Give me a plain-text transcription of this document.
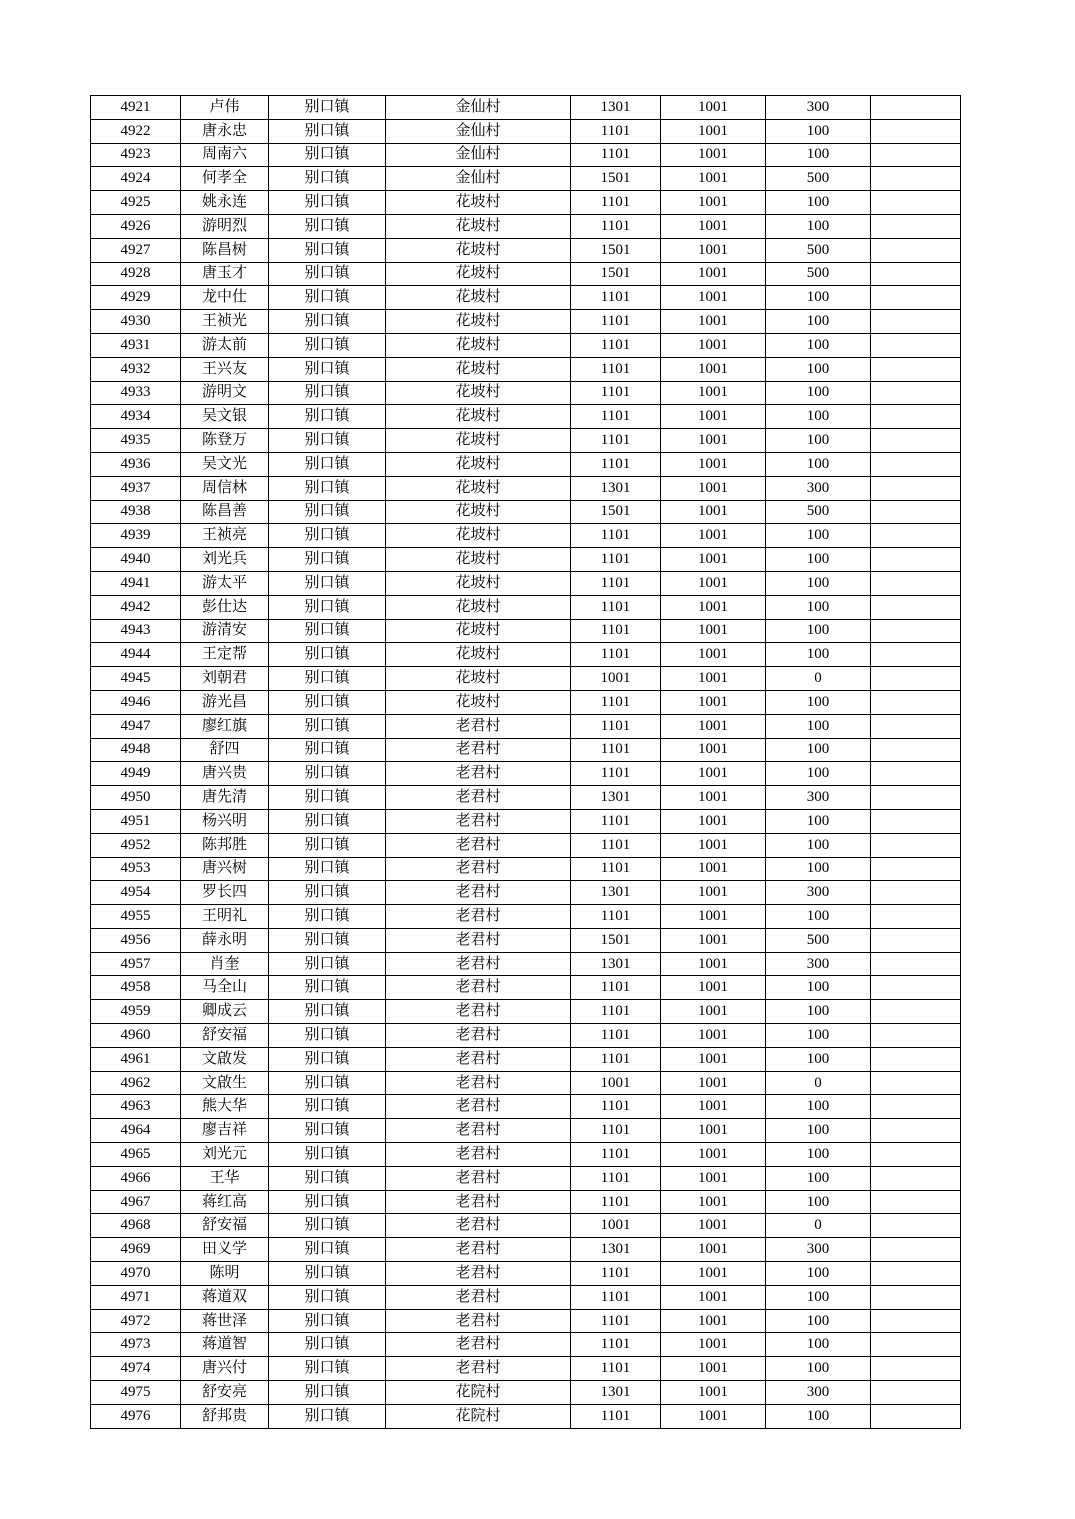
4921	卢伟	别口镇	金仙村	1301	1001	300	
4922	唐永忠	别口镇	金仙村	1101	1001	100	
4923	周南六	别口镇	金仙村	1101	1001	100	
4924	何孝全	别口镇	金仙村	1501	1001	500	
4925	姚永连	别口镇	花坡村	1101	1001	100	
4926	游明烈	别口镇	花坡村	1101	1001	100	
4927	陈昌树	别口镇	花坡村	1501	1001	500	
4928	唐玉才	别口镇	花坡村	1501	1001	500	
4929	龙中仕	别口镇	花坡村	1101	1001	100	
4930	王祯光	别口镇	花坡村	1101	1001	100	
4931	游太前	别口镇	花坡村	1101	1001	100	
4932	王兴友	别口镇	花坡村	1101	1001	100	
4933	游明文	别口镇	花坡村	1101	1001	100	
4934	吴文银	别口镇	花坡村	1101	1001	100	
4935	陈登万	别口镇	花坡村	1101	1001	100	
4936	吴文光	别口镇	花坡村	1101	1001	100	
4937	周信林	别口镇	花坡村	1301	1001	300	
4938	陈昌善	别口镇	花坡村	1501	1001	500	
4939	王祯亮	别口镇	花坡村	1101	1001	100	
4940	刘光兵	别口镇	花坡村	1101	1001	100	
4941	游太平	别口镇	花坡村	1101	1001	100	
4942	彭仕达	别口镇	花坡村	1101	1001	100	
4943	游清安	别口镇	花坡村	1101	1001	100	
4944	王定帮	别口镇	花坡村	1101	1001	100	
4945	刘朝君	别口镇	花坡村	1001	1001	0	
4946	游光昌	别口镇	花坡村	1101	1001	100	
4947	廖红旗	别口镇	老君村	1101	1001	100	
4948	舒四	别口镇	老君村	1101	1001	100	
4949	唐兴贵	别口镇	老君村	1101	1001	100	
4950	唐先清	别口镇	老君村	1301	1001	300	
4951	杨兴明	别口镇	老君村	1101	1001	100	
4952	陈邦胜	别口镇	老君村	1101	1001	100	
4953	唐兴树	别口镇	老君村	1101	1001	100	
4954	罗长四	别口镇	老君村	1301	1001	300	
4955	王明礼	别口镇	老君村	1101	1001	100	
4956	薛永明	别口镇	老君村	1501	1001	500	
4957	肖奎	别口镇	老君村	1301	1001	300	
4958	马全山	别口镇	老君村	1101	1001	100	
4959	卿成云	别口镇	老君村	1101	1001	100	
4960	舒安福	别口镇	老君村	1101	1001	100	
4961	文啟发	别口镇	老君村	1101	1001	100	
4962	文啟生	别口镇	老君村	1001	1001	0	
4963	熊大华	别口镇	老君村	1101	1001	100	
4964	廖吉祥	别口镇	老君村	1101	1001	100	
4965	刘光元	别口镇	老君村	1101	1001	100	
4966	王华	别口镇	老君村	1101	1001	100	
4967	蒋红高	别口镇	老君村	1101	1001	100	
4968	舒安福	别口镇	老君村	1001	1001	0	
4969	田义学	别口镇	老君村	1301	1001	300	
4970	陈明	别口镇	老君村	1101	1001	100	
4971	蒋道双	别口镇	老君村	1101	1001	100	
4972	蒋世泽	别口镇	老君村	1101	1001	100	
4973	蒋道智	别口镇	老君村	1101	1001	100	
4974	唐兴付	别口镇	老君村	1101	1001	100	
4975	舒安亮	别口镇	花院村	1301	1001	300	
4976	舒邦贵	别口镇	花院村	1101	1001	100	
